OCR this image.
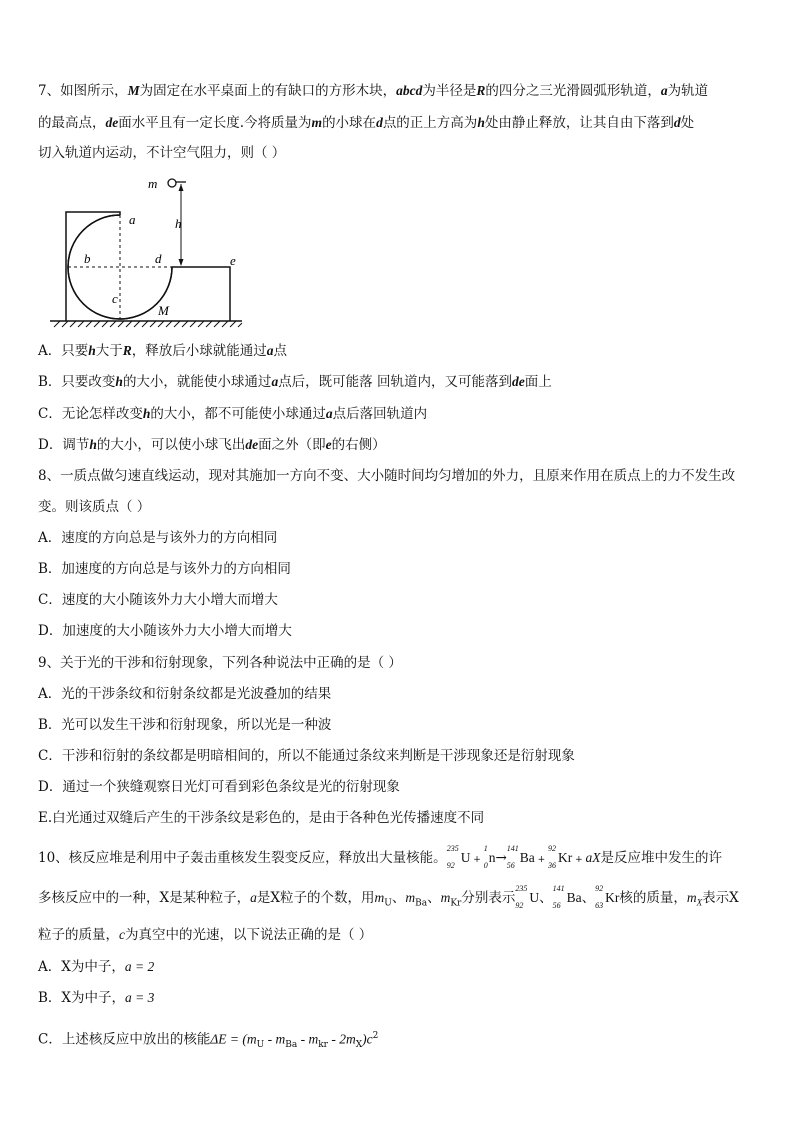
7、如图所示，M为固定在水平桌面上的有缺口的方形木块，abcd为半径是R的四分之三光滑圆弧形轨道，a为轨道
的最高点，de面水平且有一定长度.今将质量为m的小球在d点的正上方高为h处由静止释放，让其自由下落到d处
切入轨道内运动，不计空气阻力，则（ ）
m
a	h
b	d	e
c
M
A．只要h大于R，释放后小球就能通过a点
B．只要改变h的大小，就能使小球通过a点后，既可能落 回轨道内，又可能落到de面上
C．无论怎样改变h的大小，都不可能使小球通过a点后落回轨道内
D．调节h的大小，可以使小球飞出de面之外（即e的右侧）
8、一质点做匀速直线运动，现对其施加一方向不变、大小随时间均匀增加的外力，且原来作用在质点上的力不发生改
变。则该质点（ ）
A．速度的方向总是与该外力的方向相同
B．加速度的方向总是与该外力的方向相同
C．速度的大小随该外力大小增大而增大
D．加速度的大小随该外力大小增大而增大
9、关于光的干涉和衍射现象，下列各种说法中正确的是（ ）
A．光的干涉条纹和衍射条纹都是光波叠加的结果
B．光可以发生干涉和衍射现象，所以光是一种波
C．干涉和衍射的条纹都是明暗相间的，所以不能通过条纹来判断是干涉现象还是衍射现象
D．通过一个狭缝观察日光灯可看到彩色条纹是光的衍射现象
E.白光通过双缝后产生的干涉条纹是彩色的，是由于各种色光传播速度不同
10、核反应堆是利用中子轰击重核发生裂变反应，释放出大量核能。
235
92
U +
1
0
n→
141
56
Ba +
92
36
Kr + aX是反应堆中发生的许
多核反应中的一种，X是某种粒子，a是X粒子的个数，用$m_U$、$m_{Ba}$、$m_{Kr}$分别表示
235
92
U、
141
56
Ba、
92
63
Kr核的质量，$m_X$表示X
粒子的质量，c为真空中的光速，以下说法正确的是（ ）
A．X为中子，a = 2
B．X为中子，a = 3
C．上述核反应中放出的核能$\Delta E = (m_U - m_{Ba} - m_{kr} - 2m_X)c^2$
